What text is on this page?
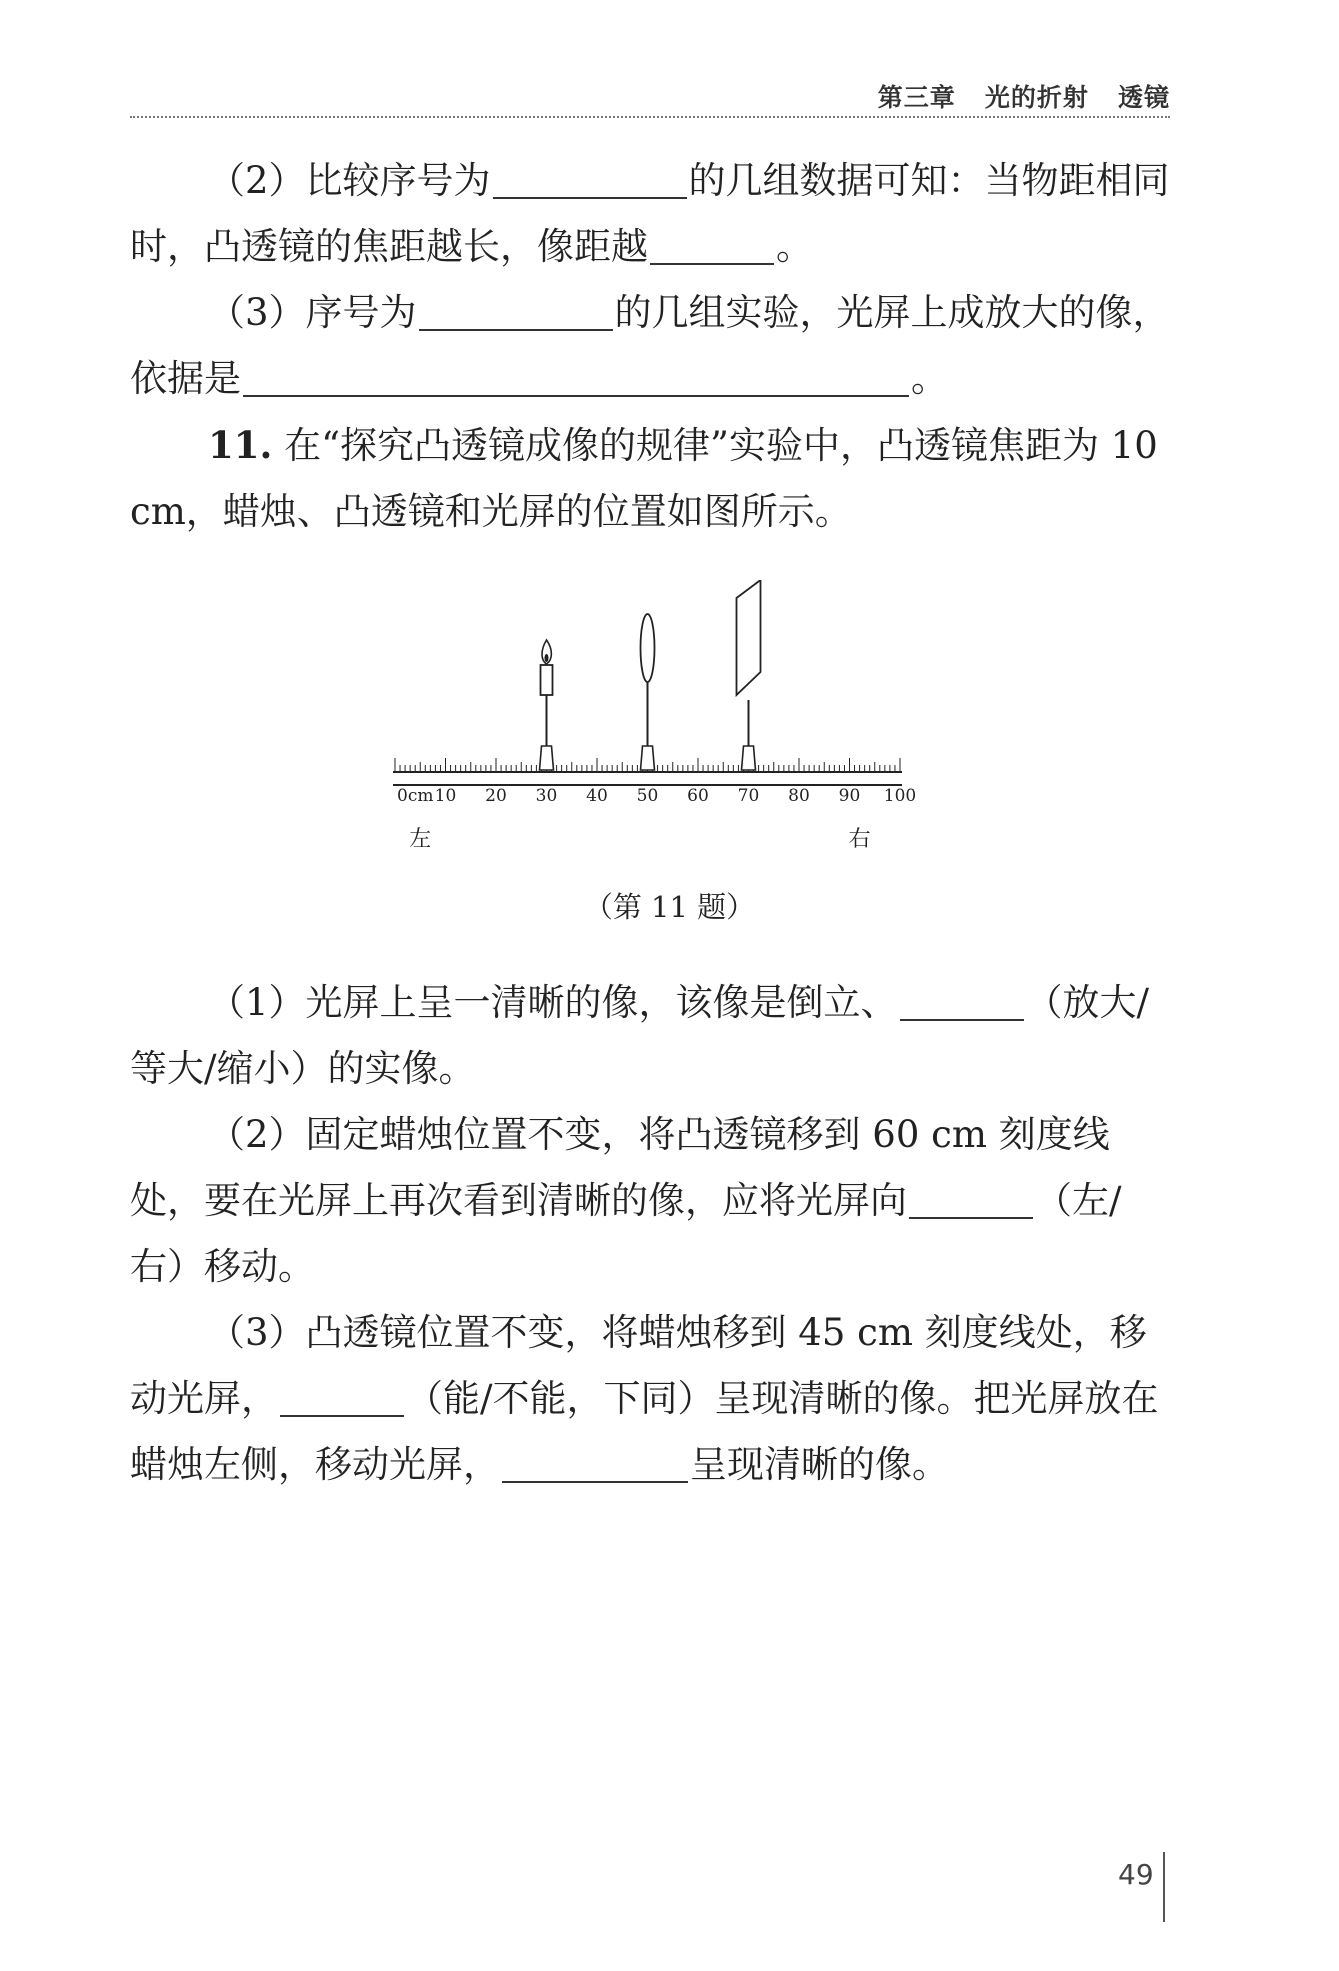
第三章   光的折射   透镜
（2）比较序号为	的几组数据可知：当物距相同时，凸透镜的焦距越长，像距越	。
（3）序号为	的几组实验，光屏上成放大的像，依据是	。
11. 在“探究凸透镜成像的规律”实验中，凸透镜焦距为 10 cm，蜡烛、凸透镜和光屏的位置如图所示。
0cm 10 20 30 40 50 60 70 80 90 100
左	右
（第 11 题）
（1）光屏上呈一清晰的像，该像是倒立、	（放大/等大/缩小）的实像。
（2）固定蜡烛位置不变，将凸透镜移到 60 cm 刻度线处，要在光屏上再次看到清晰的像，应将光屏向	（左/右）移动。
（3）凸透镜位置不变，将蜡烛移到 45 cm 刻度线处，移动光屏，	（能/不能，下同）呈现清晰的像。把光屏放在蜡烛左侧，移动光屏，	呈现清晰的像。
49
